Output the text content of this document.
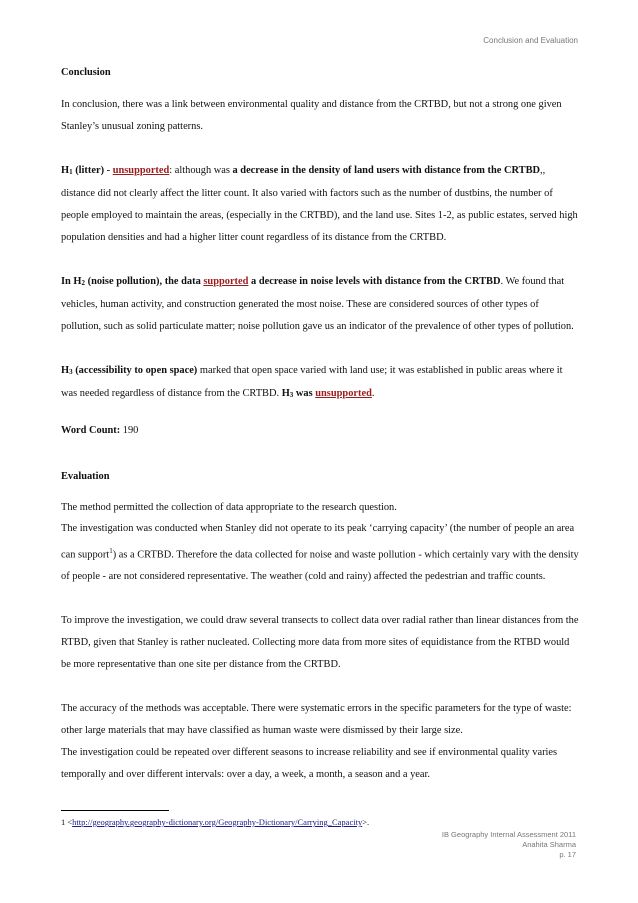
Conclusion and Evaluation
Conclusion

In conclusion, there was a link between environmental quality and distance from the CRTBD, but not a strong one given Stanley’s unusual zoning patterns.

$H_1$ (litter) - unsupported: although was a decrease in the density of land users with distance from the CRTBD,, distance did not clearly affect the litter count. It also varied with factors such as the number of dustbins, the number of people employed to maintain the areas, (especially in the CRTBD), and the land use. Sites 1-2, as public estates, served high population densities and had a higher litter count regardless of its distance from the CRTBD.

In $H_2$ (noise pollution), the data supported a decrease in noise levels with distance from the CRTBD. We found that vehicles, human activity, and construction generated the most noise. These are considered sources of other types of pollution, such as solid particulate matter; noise pollution gave us an indicator of the prevalence of other types of pollution.

$H_3$ (accessibility to open space) marked that open space varied with land use; it was established in public areas where it was needed regardless of distance from the CRTBD. $H_3$ was unsupported.

Word Count: 190

Evaluation

The method permitted the collection of data appropriate to the research question.

The investigation was conducted when Stanley did not operate to its peak ‘carrying capacity’ (the number of people an area can support$^1$) as a CRTBD. Therefore the data collected for noise and waste pollution - which certainly vary with the density of people - are not considered representative. The weather (cold and rainy) affected the pedestrian and traffic counts.

To improve the investigation, we could draw several transects to collect data over radial rather than linear distances from the RTBD, given that Stanley is rather nucleated. Collecting more data from more sites of equidistance from the RTBD would be more representative than one site per distance from the CRTBD.

The accuracy of the methods was acceptable. There were systematic errors in the specific parameters for the type of waste: other large materials that may have classified as human waste were dismissed by their large size.

The investigation could be repeated over different seasons to increase reliability and see if environmental quality varies temporally and over different intervals: over a day, a week, a month, a season and a year.

1 <http://geography.geography-dictionary.org/Geography-Dictionary/Carrying_Capacity>.
IB Geography Internal Assessment 2011
Anahita Sharma
p. 17
